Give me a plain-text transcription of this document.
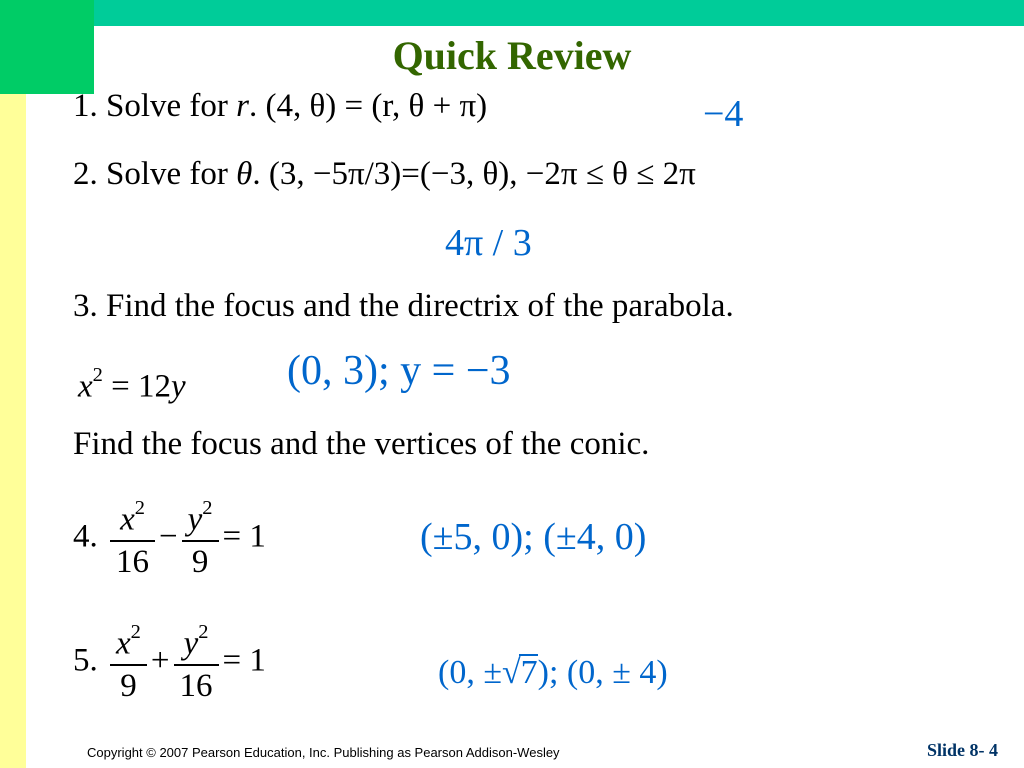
Quick Review
1. Solve for r. (4, θ) = (r, θ + π)	−4
2. Solve for θ. (3, −5π/3)=(−3, θ), −2π ≤ θ ≤ 2π
4π / 3
3. Find the focus and the directrix of the parabola.
$x^2 = 12y$ (0, 3); y = −3
Find the focus and the vertices of the conic.
4. $\frac{x^2}{16} - \frac{y^2}{9} = 1$	(±5, 0); (±4, 0)
5. $\frac{x^2}{9} + \frac{y^2}{16} = 1$	(0, ±√7); (0, ± 4)
Copyright © 2007 Pearson Education, Inc. Publishing as Pearson Addison-Wesley	Slide 8- 4
